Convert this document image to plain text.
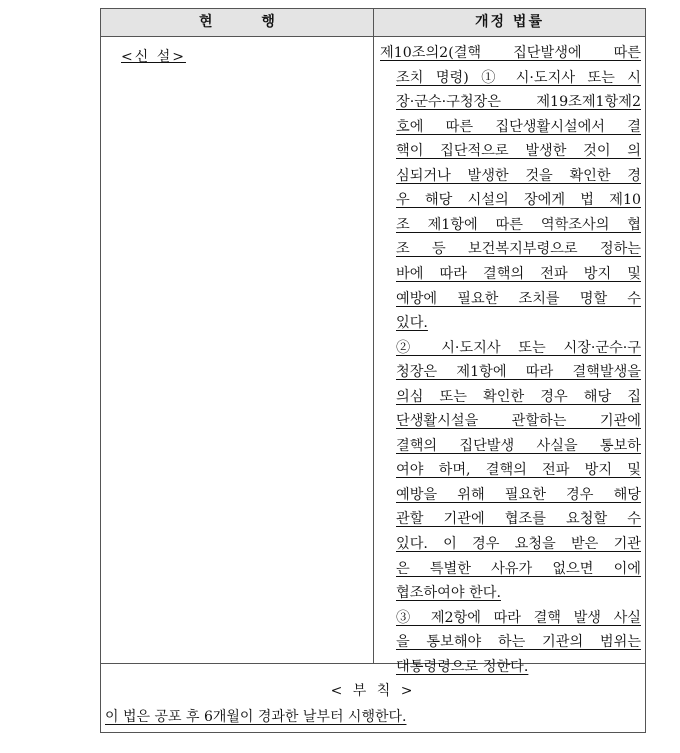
현 행	개정 법률
<신 설>	제10조의2(결핵 집단발생에 따른
조치 명령) ① 시·도지사 또는 시
장·군수·구청장은 제19조제1항제2
호에 따른 집단생활시설에서 결
핵이 집단적으로 발생한 것이 의
심되거나 발생한 것을 확인한 경
우 해당 시설의 장에게 법 제10
조 제1항에 따른 역학조사의 협
조 등 보건복지부령으로 정하는
바에 따라 결핵의 전파 방지 및
예방에 필요한 조치를 명할 수
있다.
② 시·도지사 또는 시장·군수·구
청장은 제1항에 따라 결핵발생을
의심 또는 확인한 경우 해당 집
단생활시설을 관할하는 기관에
결핵의 집단발생 사실을 통보하
여야 하며, 결핵의 전파 방지 및
예방을 위해 필요한 경우 해당
관할 기관에 협조를 요청할 수
있다. 이 경우 요청을 받은 기관
은 특별한 사유가 없으면 이에
협조하여야 한다.
③ 제2항에 따라 결핵 발생 사실
을 통보해야 하는 기관의 범위는
대통령령으로 정한다.
< 부 칙 >
이 법은 공포 후 6개월이 경과한 날부터 시행한다.
